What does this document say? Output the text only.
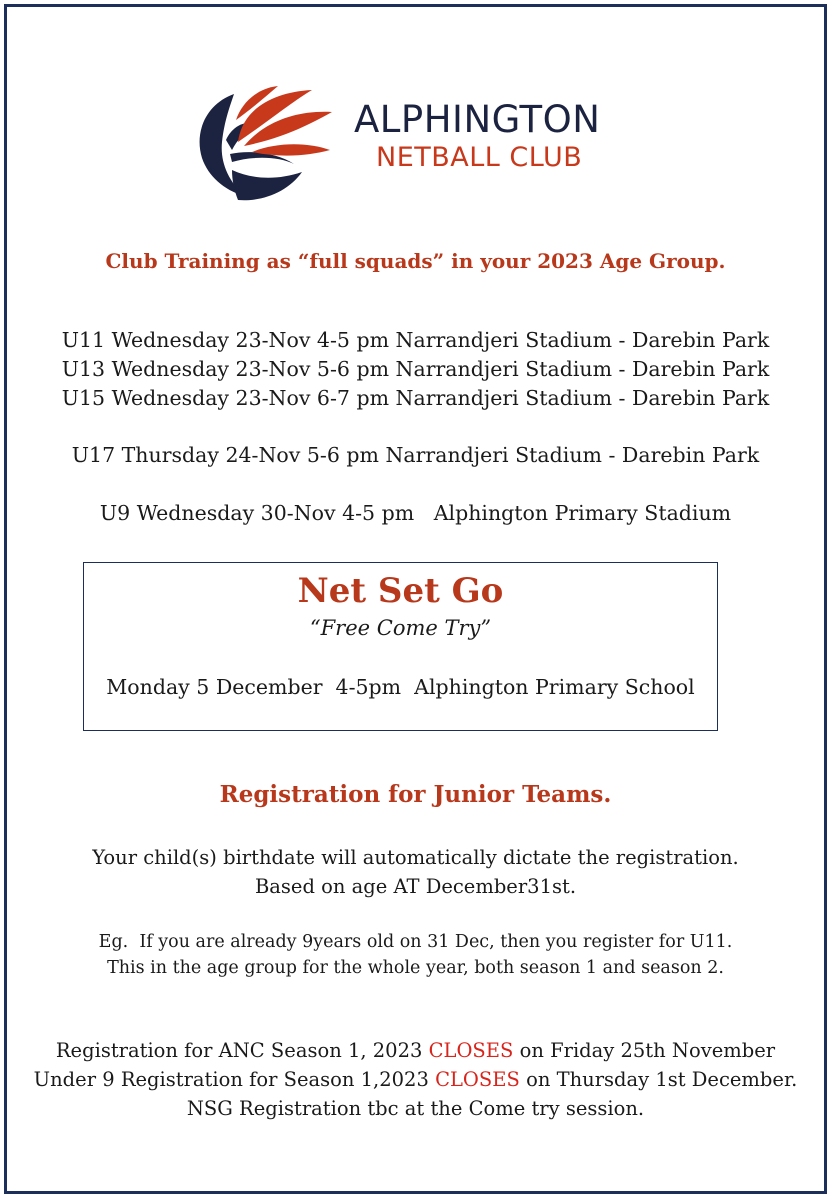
ALPHINGTON
NETBALL CLUB
Club Training as “full squads” in your 2023 Age Group.
U11 Wednesday 23-Nov 4-5 pm Narrandjeri Stadium - Darebin Park
U13 Wednesday 23-Nov 5-6 pm Narrandjeri Stadium - Darebin Park
U15 Wednesday 23-Nov 6-7 pm Narrandjeri Stadium - Darebin Park
U17 Thursday 24-Nov 5-6 pm Narrandjeri Stadium - Darebin Park
U9 Wednesday 30-Nov 4-5 pm   Alphington Primary Stadium
Net Set Go
“Free Come Try”
Monday 5 December  4-5pm  Alphington Primary School
Registration for Junior Teams.
Your child(s) birthdate will automatically dictate the registration.
Based on age AT December31st.
Eg.  If you are already 9years old on 31 Dec, then you register for U11.
This in the age group for the whole year, both season 1 and season 2.
Registration for ANC Season 1, 2023 CLOSES on Friday 25th November
Under 9 Registration for Season 1,2023 CLOSES on Thursday 1st December.
NSG Registration tbc at the Come try session.
